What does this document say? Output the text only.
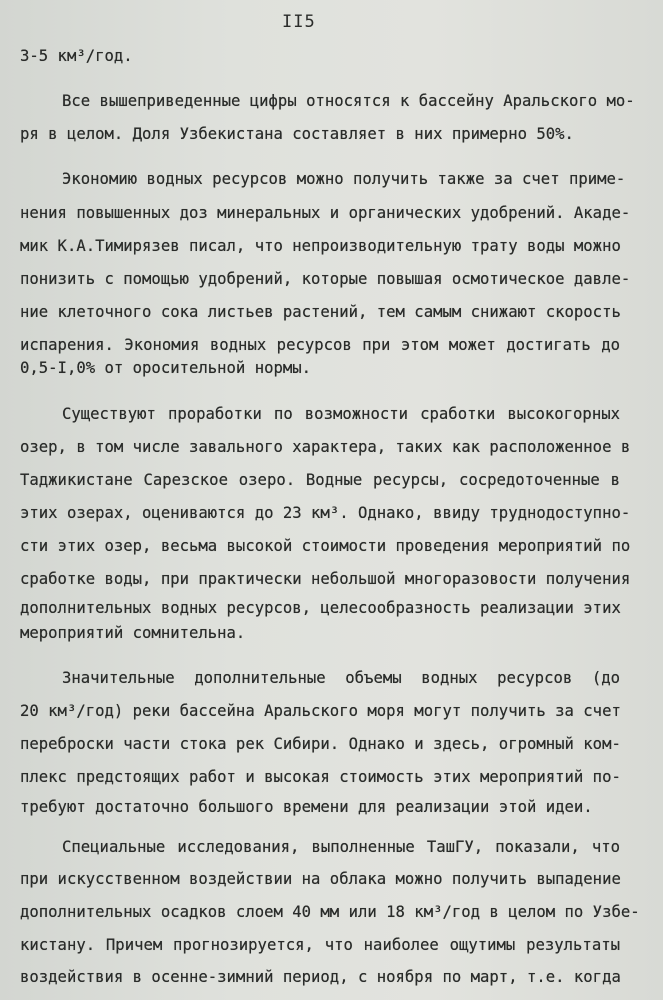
II5
3-5 км³/год.
Все вышеприведенные цифры относятся к бассейну Аральского мо-
ря в целом. Доля Узбекистана составляет в них примерно 50%.
Экономию водных ресурсов можно получить также за счет приме-
нения повышенных доз минеральных и органических удобрений. Акаде-
мик К.А.Тимирязев писал, что непроизводительную трату воды можно
понизить с помощью удобрений, которые повышая осмотическое давле-
ние клеточного сока листьев растений, тем самым снижают скорость
испарения. Экономия водных ресурсов при этом может достигать до
0,5-I,0% от оросительной нормы.
Существуют проработки по возможности сработки высокогорных
озер, в том числе завального характера, таких как расположенное в
Таджикистане Сарезское озеро. Водные ресурсы, сосредоточенные в
этих озерах, оцениваются до 23 км³. Однако, ввиду труднодоступно-
сти этих озер, весьма высокой стоимости проведения мероприятий по
сработке воды, при практически небольшой многоразовости получения
дополнительных водных ресурсов, целесообразность реализации этих
мероприятий сомнительна.
Значительные дополнительные объемы водных ресурсов (до
20 км³/год) реки бассейна Аральского моря могут получить за счет
переброски части стока рек Сибири. Однако и здесь, огромный ком-
плекс предстоящих работ и высокая стоимость этих мероприятий по-
требуют достаточно большого времени для реализации этой идеи.
Специальные исследования, выполненные ТашГУ, показали, что
при искусственном воздействии на облака можно получить выпадение
дополнительных осадков слоем 40 мм или 18 км³/год в целом по Узбе-
кистану. Причем прогнозируется, что наиболее ощутимы результаты
воздействия в осенне-зимний период, с ноября по март, т.е. когда
